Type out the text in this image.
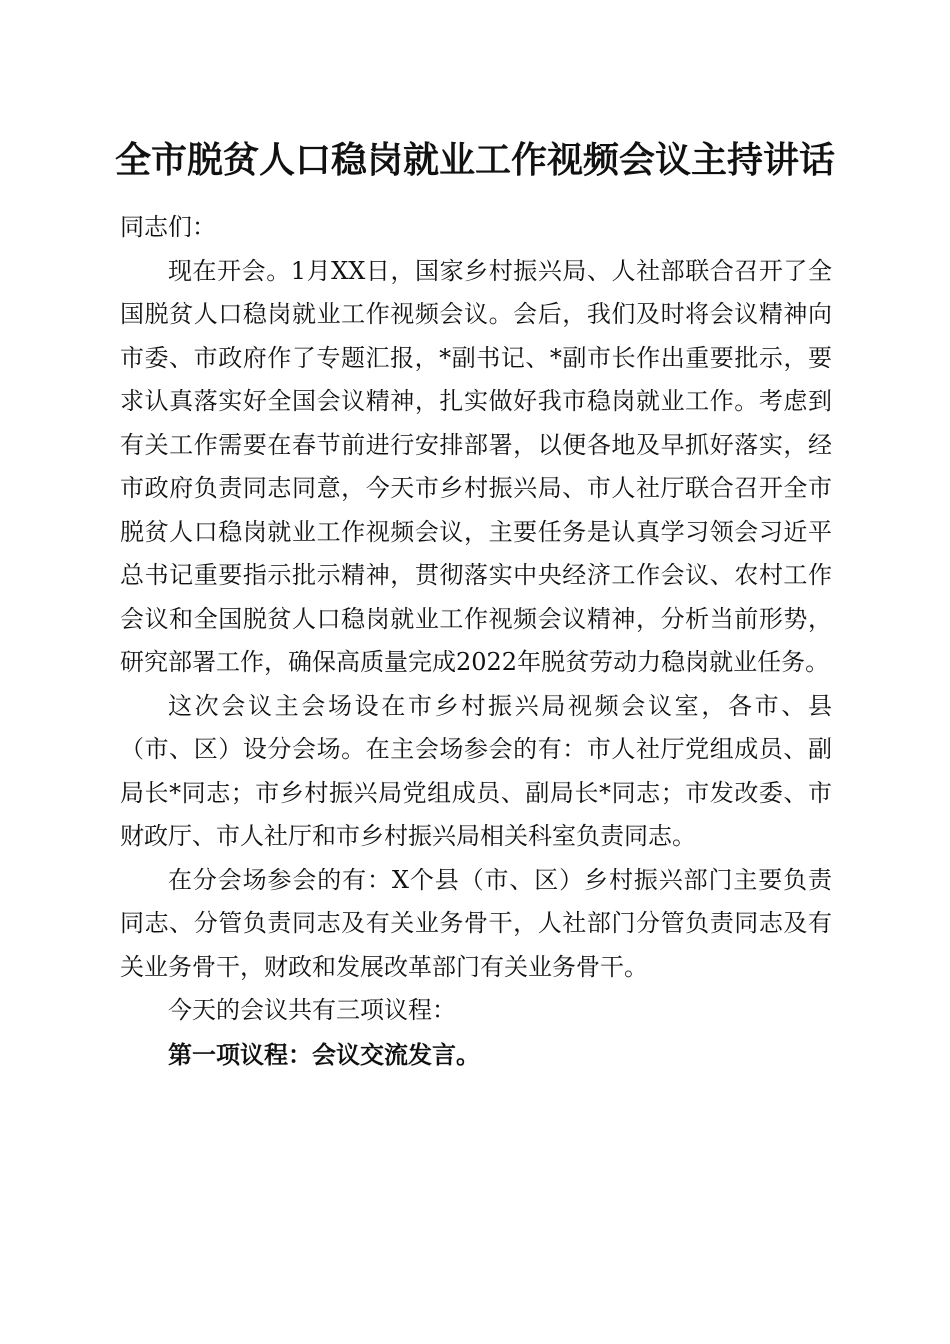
全市脱贫人口稳岗就业工作视频会议主持讲话

同志们：

现在开会。1月XX日，国家乡村振兴局、人社部联合召开了全国脱贫人口稳岗就业工作视频会议。会后，我们及时将会议精神向市委、市政府作了专题汇报，*副书记、*副市长作出重要批示，要求认真落实好全国会议精神，扎实做好我市稳岗就业工作。考虑到有关工作需要在春节前进行安排部署，以便各地及早抓好落实，经市政府负责同志同意，今天市乡村振兴局、市人社厅联合召开全市脱贫人口稳岗就业工作视频会议，主要任务是认真学习领会习近平总书记重要指示批示精神，贯彻落实中央经济工作会议、农村工作会议和全国脱贫人口稳岗就业工作视频会议精神，分析当前形势，研究部署工作，确保高质量完成2022年脱贫劳动力稳岗就业任务。

这次会议主会场设在市乡村振兴局视频会议室，各市、县（市、区）设分会场。在主会场参会的有：市人社厅党组成员、副局长*同志；市乡村振兴局党组成员、副局长*同志；市发改委、市财政厅、市人社厅和市乡村振兴局相关科室负责同志。

在分会场参会的有：X个县（市、区）乡村振兴部门主要负责同志、分管负责同志及有关业务骨干，人社部门分管负责同志及有关业务骨干，财政和发展改革部门有关业务骨干。

今天的会议共有三项议程：

第一项议程：会议交流发言。
